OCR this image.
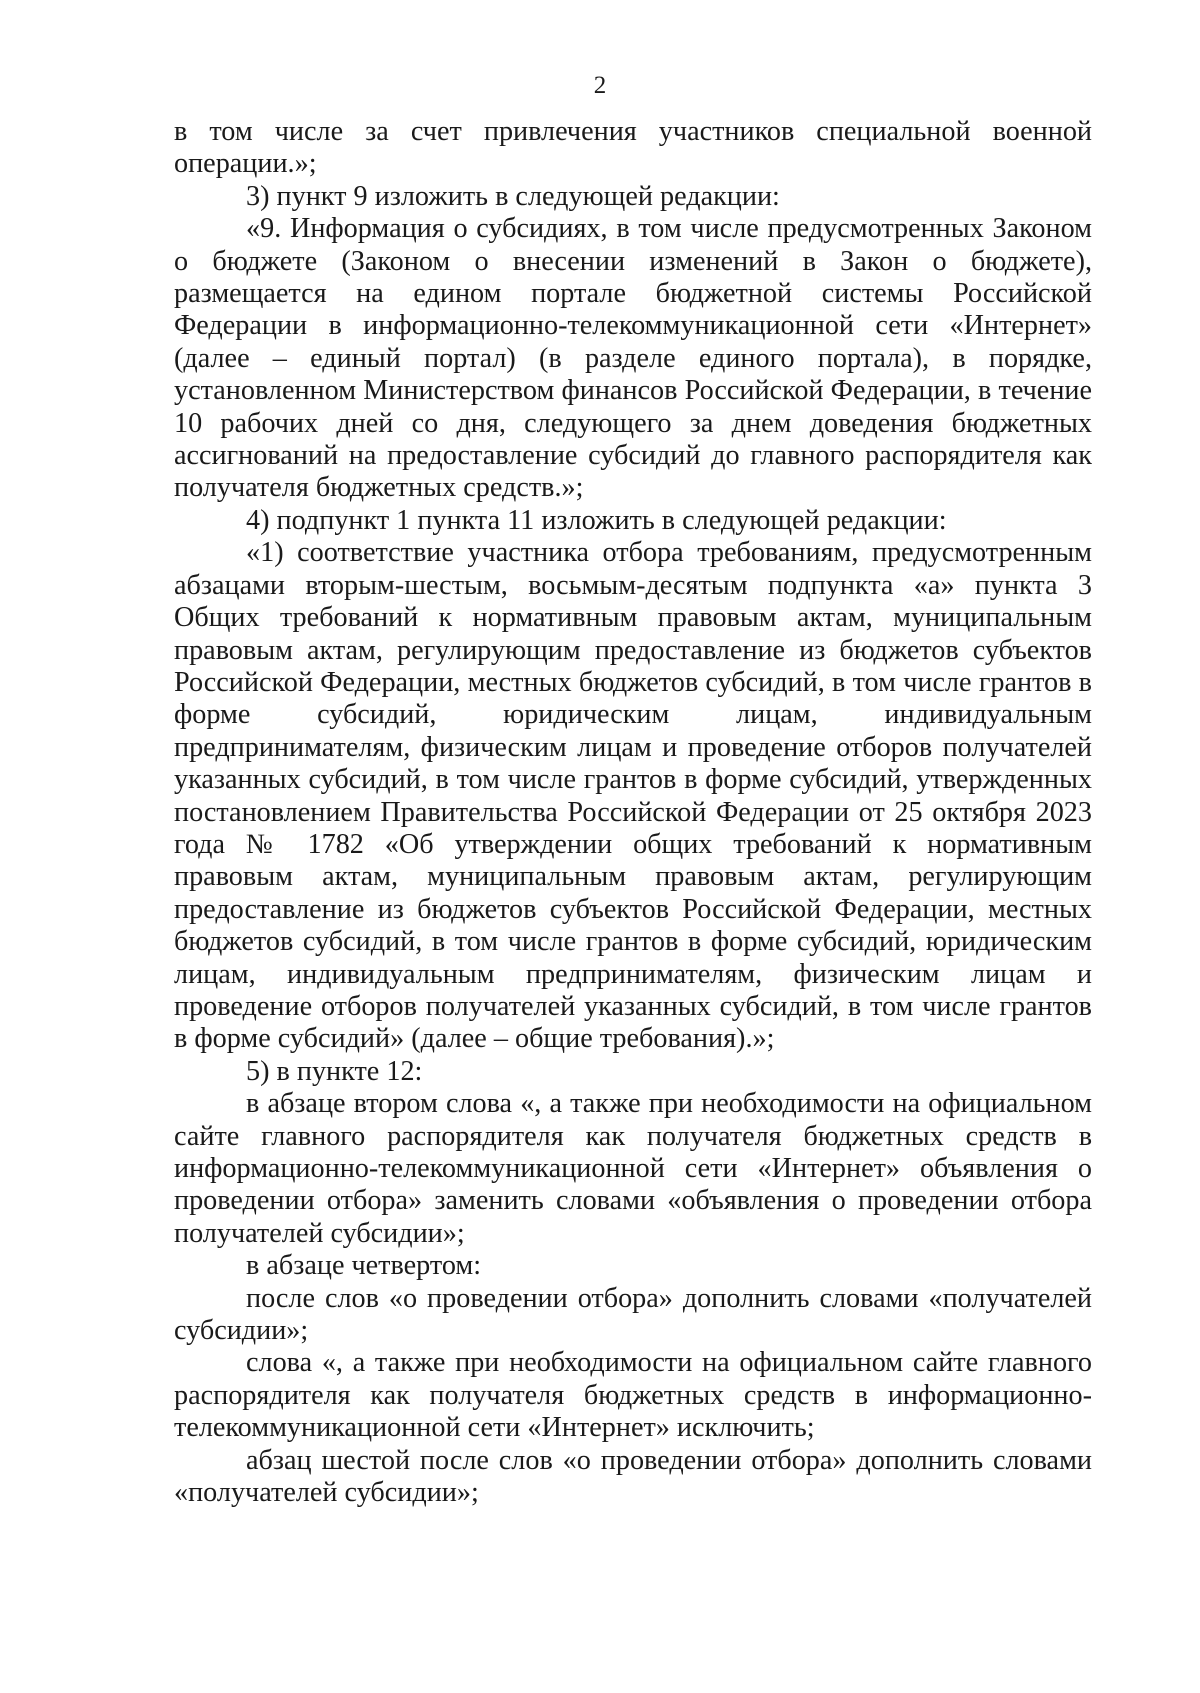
2

в том числе за счет привлечения участников специальной военной операции.»;

3) пункт 9 изложить в следующей редакции:

«9. Информация о субсидиях, в том числе предусмотренных Законом о бюджете (Законом о внесении изменений в Закон о бюджете), размещается на едином портале бюджетной системы Российской Федерации в информационно-телекоммуникационной сети «Интернет» (далее – единый портал) (в разделе единого портала), в порядке, установленном Министерством финансов Российской Федерации, в течение 10 рабочих дней со дня, следующего за днем доведения бюджетных ассигнований на предоставление субсидий до главного распорядителя как получателя бюджетных средств.»;

4) подпункт 1 пункта 11 изложить в следующей редакции:

«1) соответствие участника отбора требованиям, предусмотренным абзацами вторым-шестым, восьмым-десятым подпункта «а» пункта 3 Общих требований к нормативным правовым актам, муниципальным правовым актам, регулирующим предоставление из бюджетов субъектов Российской Федерации, местных бюджетов субсидий, в том числе грантов в форме субсидий, юридическим лицам, индивидуальным предпринимателям, физическим лицам и проведение отборов получателей указанных субсидий, в том числе грантов в форме субсидий, утвержденных постановлением Правительства Российской Федерации от 25 октября 2023 года № 1782 «Об утверждении общих требований к нормативным правовым актам, муниципальным правовым актам, регулирующим предоставление из бюджетов субъектов Российской Федерации, местных бюджетов субсидий, в том числе грантов в форме субсидий, юридическим лицам, индивидуальным предпринимателям, физическим лицам и проведение отборов получателей указанных субсидий, в том числе грантов в форме субсидий» (далее – общие требования).»;

5) в пункте 12:

в абзаце втором слова «, а также при необходимости на официальном сайте главного распорядителя как получателя бюджетных средств в информационно-телекоммуникационной сети «Интернет» объявления о проведении отбора» заменить словами «объявления о проведении отбора получателей субсидии»;

в абзаце четвертом:

после слов «о проведении отбора» дополнить словами «получателей субсидии»;

слова «, а также при необходимости на официальном сайте главного распорядителя как получателя бюджетных средств в информационно-телекоммуникационной сети «Интернет» исключить;

абзац шестой после слов «о проведении отбора» дополнить словами «получателей субсидии»;
